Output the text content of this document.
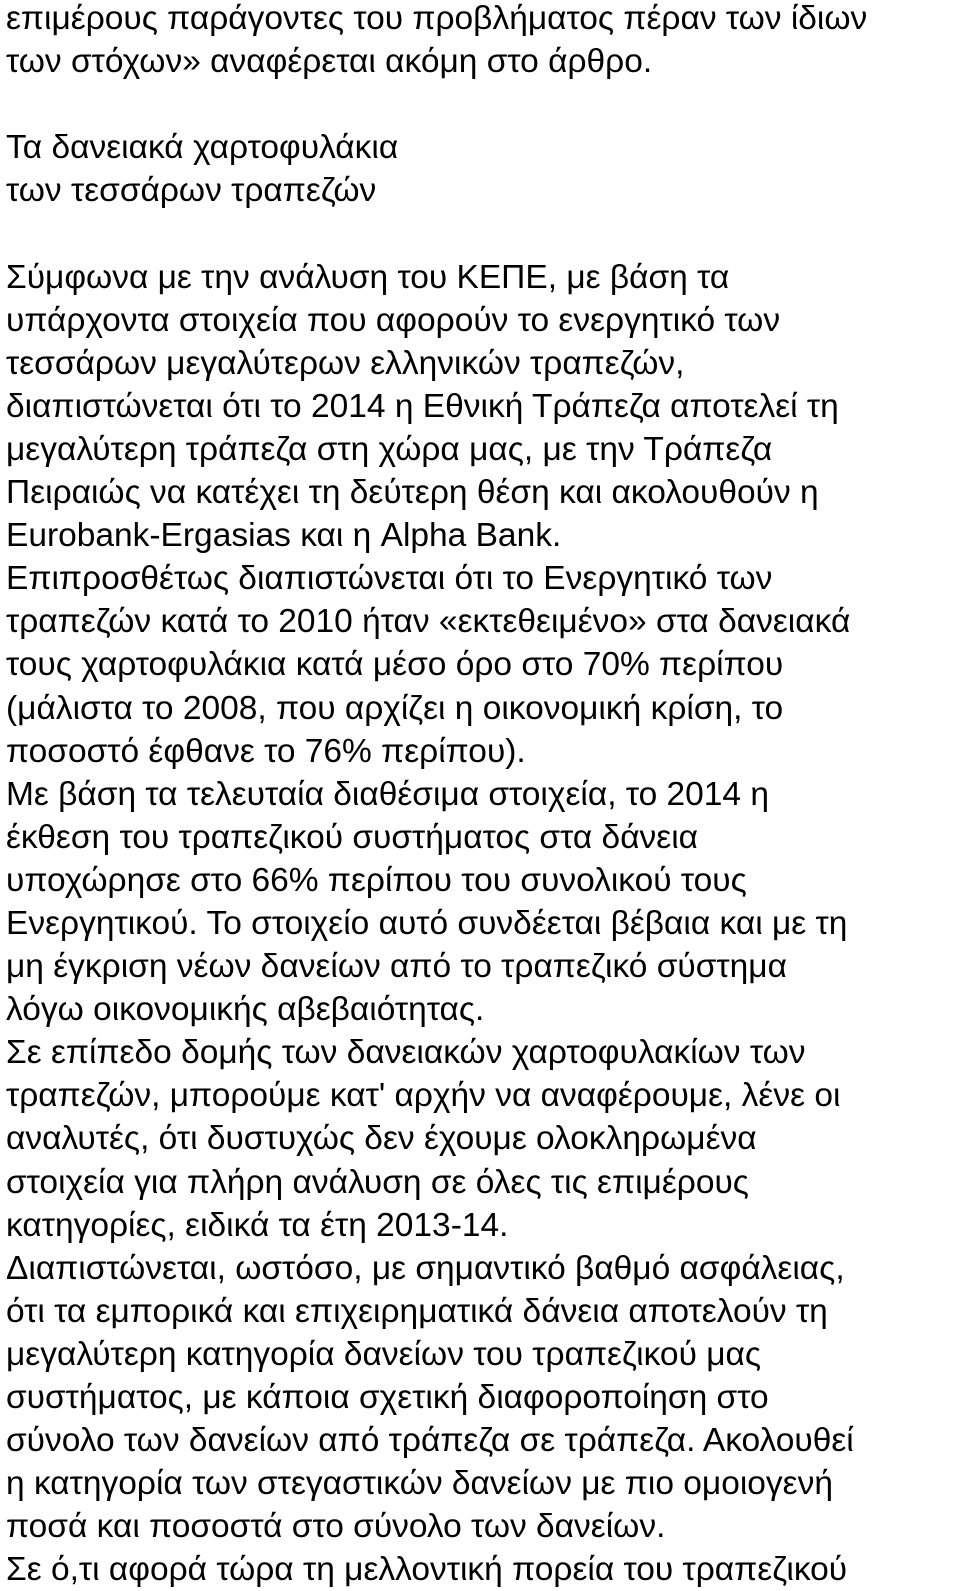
επιμέρους παράγοντες του προβλήματος πέραν των ίδιων
των στόχων» αναφέρεται ακόμη στο άρθρο.
Τα δανειακά χαρτοφυλάκια
των τεσσάρων τραπεζών
Σύμφωνα με την ανάλυση του ΚΕΠΕ, με βάση τα
υπάρχοντα στοιχεία που αφορούν το ενεργητικό των
τεσσάρων μεγαλύτερων ελληνικών τραπεζών,
διαπιστώνεται ότι το 2014 η Εθνική Τράπεζα αποτελεί τη
μεγαλύτερη τράπεζα στη χώρα μας, με την Τράπεζα
Πειραιώς να κατέχει τη δεύτερη θέση και ακολουθούν η
Eurobank-Ergasias και η Alpha Bank.
Επιπροσθέτως διαπιστώνεται ότι το Ενεργητικό των
τραπεζών κατά το 2010 ήταν «εκτεθειμένο» στα δανειακά
τους χαρτοφυλάκια κατά μέσο όρο στο 70% περίπου
(μάλιστα το 2008, που αρχίζει η οικονομική κρίση, το
ποσοστό έφθανε το 76% περίπου).
Με βάση τα τελευταία διαθέσιμα στοιχεία, το 2014 η
έκθεση του τραπεζικού συστήματος στα δάνεια
υποχώρησε στο 66% περίπου του συνολικού τους
Ενεργητικού. Το στοιχείο αυτό συνδέεται βέβαια και με τη
μη έγκριση νέων δανείων από το τραπεζικό σύστημα
λόγω οικονομικής αβεβαιότητας.
Σε επίπεδο δομής των δανειακών χαρτοφυλακίων των
τραπεζών, μπορούμε κατ' αρχήν να αναφέρουμε, λένε οι
αναλυτές, ότι δυστυχώς δεν έχουμε ολοκληρωμένα
στοιχεία για πλήρη ανάλυση σε όλες τις επιμέρους
κατηγορίες, ειδικά τα έτη 2013-14.
Διαπιστώνεται, ωστόσο, με σημαντικό βαθμό ασφάλειας,
ότι τα εμπορικά και επιχειρηματικά δάνεια αποτελούν τη
μεγαλύτερη κατηγορία δανείων του τραπεζικού μας
συστήματος, με κάποια σχετική διαφοροποίηση στο
σύνολο των δανείων από τράπεζα σε τράπεζα. Ακολουθεί
η κατηγορία των στεγαστικών δανείων με πιο ομοιογενή
ποσά και ποσοστά στο σύνολο των δανείων.
Σε ό,τι αφορά τώρα τη μελλοντική πορεία του τραπεζικού
